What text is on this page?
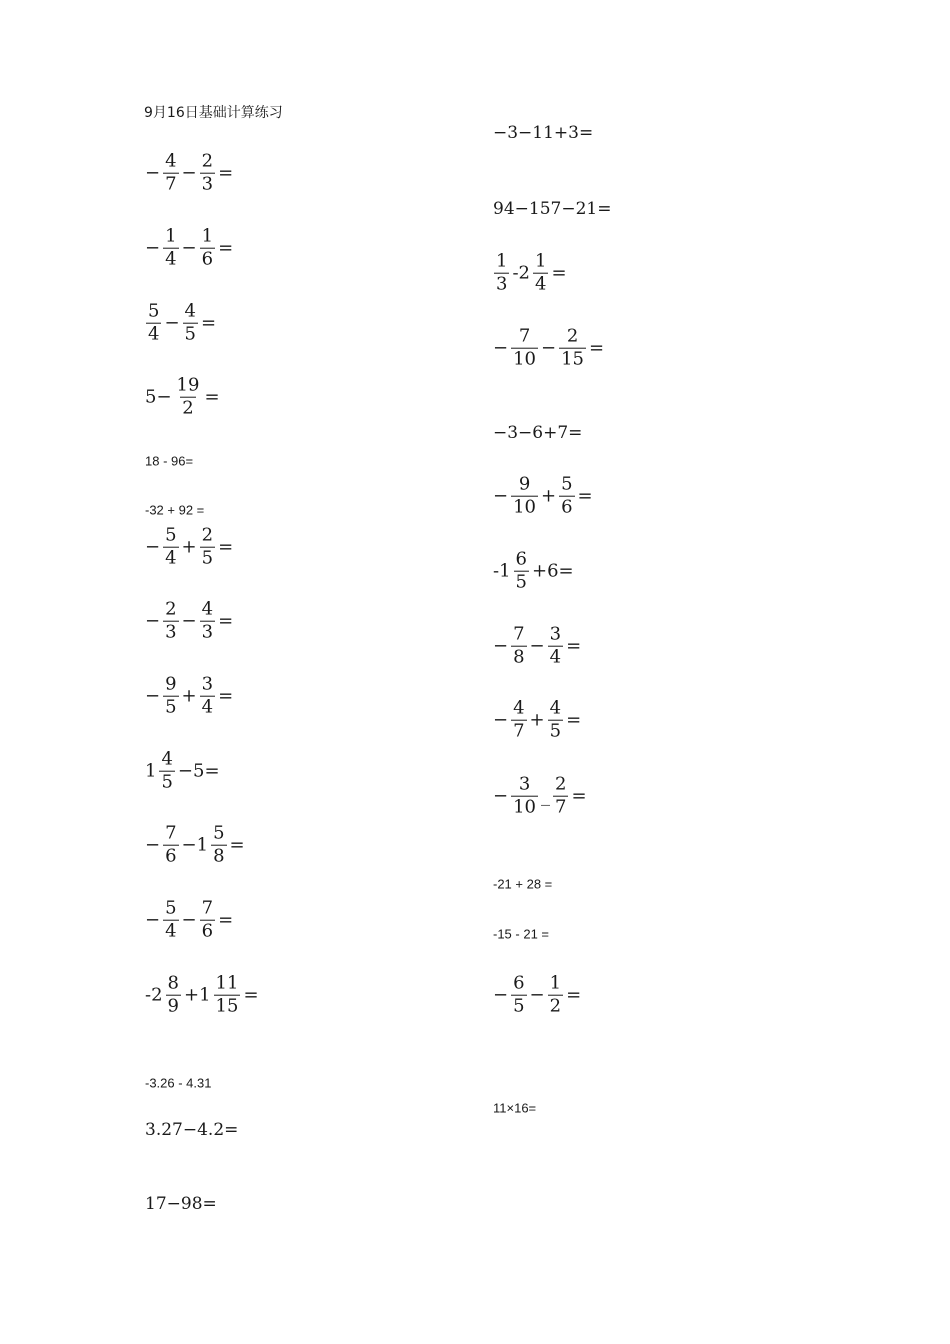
9月16日基础计算练习
− $\frac{4}{7} - \frac{2}{3}$ =
− $\frac{1}{4} - \frac{1}{6}$ =
$\frac{5}{4} - \frac{4}{5}$ =
$5- \frac{19}{2}$ =
18 - 96=
-32 + 92 =
− $\frac{5}{4} + \frac{2}{5}$ =
− $\frac{2}{3} - \frac{4}{3}$ =
− $\frac{9}{5} + \frac{3}{4}$ =
$1 \frac{4}{5} -5=$
− $\frac{7}{6} -1 \frac{5}{8}$ =
− $\frac{5}{4} - \frac{7}{6}$ =
$-2 \frac{8}{9} +1 \frac{11}{15}$ =
-3.26 - 4.31
3.27−4.2=
17−98=
−3−11+3=
94−157−21=
$\frac{1}{3} -2 \frac{1}{4}$ =
− $\frac{7}{10} - \frac{2}{15}$ =
−3−6+7=
− $\frac{9}{10} + \frac{5}{6}$ =
$-1 \frac{6}{5} +6=$
− $\frac{7}{8} - \frac{3}{4}$ =
− $\frac{4}{7} + \frac{4}{5}$ =
− $\frac{3}{10}$ _ $\frac{2}{7}$ =
-21 + 28 =
-15 - 21 =
− $\frac{6}{5} - \frac{1}{2}$ =
11×16=
